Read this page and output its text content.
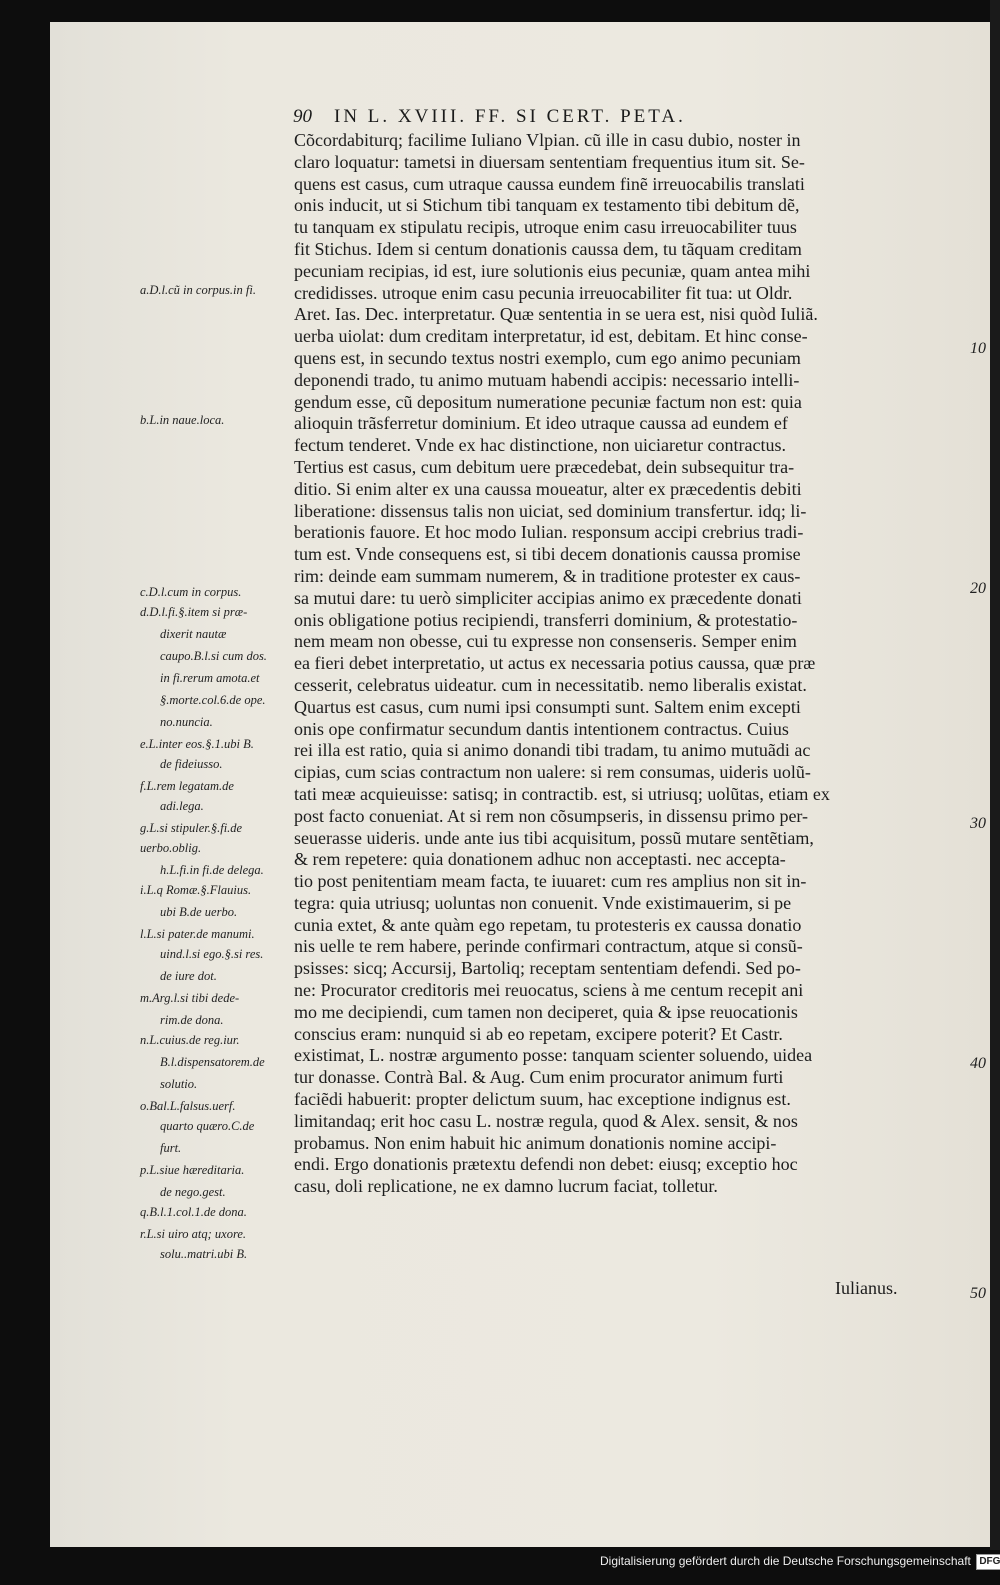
90 IN L. XVIII. FF. SI CERT. PETA.
Cõcordabiturq; facilime Iuliano Vlpian. cũ ille in casu dubio, noster in
claro loquatur: tametsi in diuersam sententiam frequentius itum sit. Se-
quens est casus, cum utraque caussa eundem finẽ irreuocabilis translati
onis inducit, ut si Stichum tibi tanquam ex testamento tibi debitum dẽ,
tu tanquam ex stipulatu recipis, utroque enim casu irreuocabiliter tuus
fit Stichus. Idem si centum donationis caussa dem, tu tãquam creditam
pecuniam recipias, id est, iure solutionis eius pecuniæ, quam antea mihi
credidisses. utroque enim casu pecunia irreuocabiliter fit tua: ut Oldr.
Aret. Ias. Dec. interpretatur. Quæ sententia in se uera est, nisi quòd Iuliã.
uerba uiolat: dum creditam interpretatur, id est, debitam. Et hinc conse-
quens est, in secundo textus nostri exemplo, cum ego animo pecuniam
deponendi trado, tu animo mutuam habendi accipis: necessario intelli-
gendum esse, cũ depositum numeratione pecuniæ factum non est: quia
alioquin trãsferretur dominium. Et ideo utraque caussa ad eundem ef
fectum tenderet. Vnde ex hac distinctione, non uiciaretur contractus.
Tertius est casus, cum debitum uere præcedebat, dein subsequitur tra-
ditio. Si enim alter ex una caussa moueatur, alter ex præcedentis debiti
liberatione: dissensus talis non uiciat, sed dominium transfertur. idq; li-
berationis fauore. Et hoc modo Iulian. responsum accipi crebrius tradi-
tum est. Vnde consequens est, si tibi decem donationis caussa promise
rim: deinde eam summam numerem, & in traditione protester ex caus-
sa mutui dare: tu uerò simpliciter accipias animo ex præcedente donati
onis obligatione potius recipiendi, transferri dominium, & protestatio-
nem meam non obesse, cui tu expresse non consenseris. Semper enim
ea fieri debet interpretatio, ut actus ex necessaria potius caussa, quæ præ
cesserit, celebratus uideatur. cum in necessitatib. nemo liberalis existat.
Quartus est casus, cum numi ipsi consumpti sunt. Saltem enim excepti
onis ope confirmatur secundum dantis intentionem contractus. Cuius
rei illa est ratio, quia si animo donandi tibi tradam, tu animo mutuãdi ac
cipias, cum scias contractum non ualere: si rem consumas, uideris uolũ-
tati meæ acquieuisse: satisq; in contractib. est, si utriusq; uolũtas, etiam ex
post facto conueniat. At si rem non cõsumpseris, in dissensu primo per-
seuerasse uideris. unde ante ius tibi acquisitum, possũ mutare sentẽtiam,
& rem repetere: quia donationem adhuc non acceptasti. nec accepta-
tio post penitentiam meam facta, te iuuaret: cum res amplius non sit in-
tegra: quia utriusq; uoluntas non conuenit. Vnde existimauerim, si pe
cunia extet, & ante quàm ego repetam, tu protesteris ex caussa donatio
nis uelle te rem habere, perinde confirmari contractum, atque si consũ-
psisses: sicq; Accursij, Bartoliq; receptam sententiam defendi. Sed po-
ne: Procurator creditoris mei reuocatus, sciens à me centum recepit ani
mo me decipiendi, cum tamen non deciperet, quia & ipse reuocationis
conscius eram: nunquid si ab eo repetam, excipere poterit? Et Castr.
existimat, L. nostræ argumento posse: tanquam scienter soluendo, uidea
tur donasse. Contrà Bal. & Aug. Cum enim procurator animum furti
faciẽdi habuerit: propter delictum suum, hac exceptione indignus est.
limitandaq; erit hoc casu L. nostræ regula, quod & Alex. sensit, & nos
probamus. Non enim habuit hic animum donationis nomine accipi-
endi. Ergo donationis prætextu defendi non debet: eiusq; exceptio hoc
casu, doli replicatione, ne ex damno lucrum faciat, tolletur.
a.D.l.cũ in corpus.in fi.
b.L.in naue.loca.
c.D.l.cum in corpus.
d.D.l.fi.§.item si præ-
dixerit nautæ
caupo.B.l.si cum dos.
in fi.rerum amota.et
§.morte.col.6.de ope.
no.nuncia.
e.L.inter eos.§.1.ubi B.
de fideiusso.
f.L.rem legatam.de
adi.lega.
g.L.si stipuler.§.fi.de
uerbo.oblig.
h.L.fi.in fi.de delega.
i.L.q Romæ.§.Flauius.
ubi B.de uerbo.
l.L.si pater.de manumi.
uind.l.si ego.§.si res.
de iure dot.
m.Arg.l.si tibi dede-
rim.de dona.
n.L.cuius.de reg.iur.
B.l.dispensatorem.de
solutio.
o.Bal.L.falsus.uerf.
quarto quæro.C.de
furt.
p.L.siue hæreditaria.
de nego.gest.
q.B.l.1.col.1.de dona.
r.L.si uiro atq; uxore.
solu..matri.ubi B.
10
20
30
40
50
Iulianus.
Digitalisierung gefördert durch die Deutsche Forschungsgemeinschaft DFG
